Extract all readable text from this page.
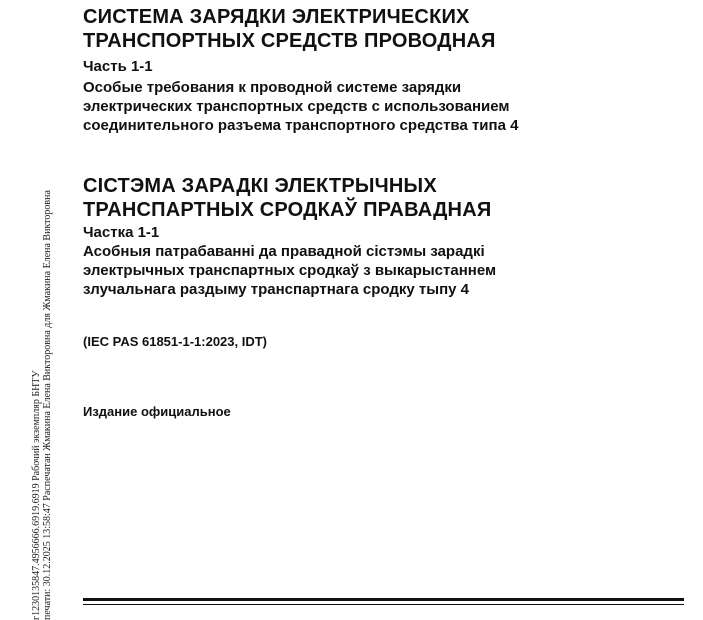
г1230135847.4956666.6919.6919 Рабочий экземпляр БНТУ печати: 30.12.2025 13:58:47 Распечатан Жмакина Елена Викторовна для Жмакина Елена Викторовна
СИСТЕМА ЗАРЯДКИ ЭЛЕКТРИЧЕСКИХ
ТРАНСПОРТНЫХ СРЕДСТВ ПРОВОДНАЯ
Часть 1-1
Особые требования к проводной системе зарядки
электрических транспортных средств с использованием
соединительного разъема транспортного средства типа 4
СІСТЭМА ЗАРАДКІ ЭЛЕКТРЫЧНЫХ
ТРАНСПАРТНЫХ СРОДКАЎ ПРАВАДНАЯ
Частка 1-1
Асобныя патрабаванні да правадной сістэмы зарадкі
электрычных транспартных сродкаў з выкарыстаннем
злучальнага раздыму транспартнага сродку тыпу 4
(IEC PAS 61851-1-1:2023, IDT)
Издание официальное
